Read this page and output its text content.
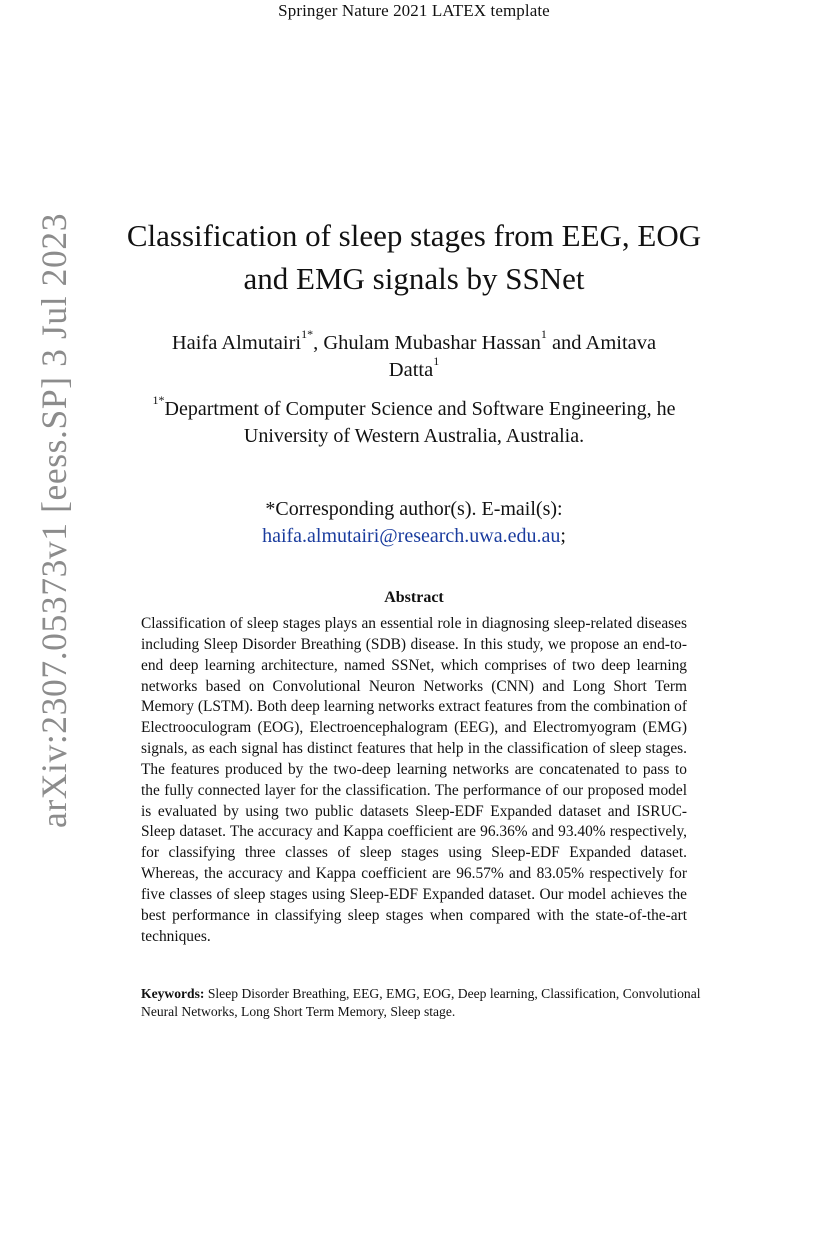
Springer Nature 2021 LATEX template
arXiv:2307.05373v1 [eess.SP] 3 Jul 2023	Classification of sleep stages from EEG, EOG
and EMG signals by SSNet
Haifa Almutairi$^{1*}$, Ghulam Mubashar Hassan$^1$ and Amitava
Datta$^1$
$^{1*}$Department of Computer Science and Software Engineering, he
University of Western Australia, Australia.
*Corresponding author(s). E-mail(s):
haifa.almutairi@research.uwa.edu.au;
Abstract
Classification of sleep stages plays an essential role in diagnosing sleep-related diseases including Sleep Disorder Breathing (SDB) disease. In this study, we propose an end-to-end deep learning architecture, named SSNet, which comprises of two deep learning networks based on Convolutional Neuron Networks (CNN) and Long Short Term Memory (LSTM). Both deep learning networks extract features from the combination of Electrooculogram (EOG), Electroencephalogram (EEG), and Electromyogram (EMG) signals, as each signal has distinct features that help in the classification of sleep stages. The features produced by the two-deep learning networks are concatenated to pass to the fully connected layer for the classification. The performance of our proposed model is evaluated by using two public datasets Sleep-EDF Expanded dataset and ISRUC-Sleep dataset. The accuracy and Kappa coefficient are 96.36% and 93.40% respectively, for classifying three classes of sleep stages using Sleep-EDF Expanded dataset. Whereas, the accuracy and Kappa coefficient are 96.57% and 83.05% respectively for five classes of sleep stages using Sleep-EDF Expanded dataset. Our model achieves the best performance in classifying sleep stages when compared with the state-of-the-art techniques.
Keywords: Sleep Disorder Breathing, EEG, EMG, EOG, Deep learning, Classification, Convolutional Neural Networks, Long Short Term Memory, Sleep stage.
